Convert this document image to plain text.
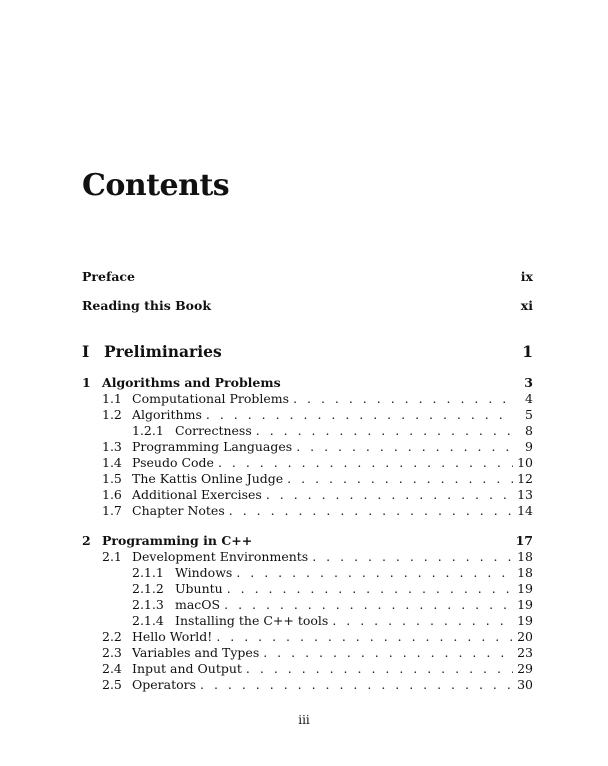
Contents
Preface	ix
Reading this Book	xi
I Preliminaries	1
1 Algorithms and Problems	3
1.1 Computational Problems . . .	4
1.2 Algorithms . . .	5
1.2.1 Correctness . . .	8
1.3 Programming Languages . . .	9
1.4 Pseudo Code . . .	10
1.5 The Kattis Online Judge . . .	12
1.6 Additional Exercises . . .	13
1.7 Chapter Notes . . .	14
2 Programming in C++	17
2.1 Development Environments . . .	18
2.1.1 Windows . . .	18
2.1.2 Ubuntu . . .	19
2.1.3 macOS . . .	19
2.1.4 Installing the C++ tools . . .	19
2.2 Hello World! . . .	20
2.3 Variables and Types . . .	23
2.4 Input and Output . . .	29
2.5 Operators . . .	30
iii
